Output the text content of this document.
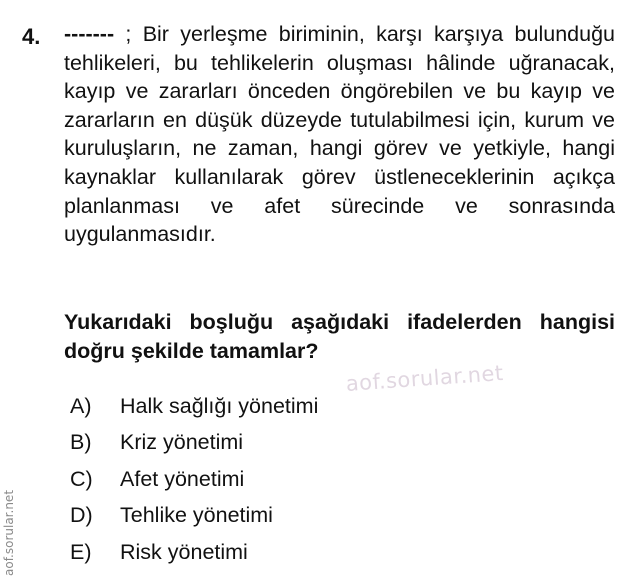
4. ------- ; Bir yerleşme biriminin, karşı karşıya bulunduğu tehlikeleri, bu tehlikelerin oluşması hâlinde uğranacak, kayıp ve zararları önceden öngörebilen ve bu kayıp ve zararların en düşük düzeyde tutulabilmesi için, kurum ve kuruluşların, ne zaman, hangi görev ve yetkiyle, hangi kaynaklar kullanılarak görev üstleneceklerinin açıkça planlanması ve afet sürecinde ve sonrasında uygulanmasıdır.

Yukarıdaki boşluğu aşağıdaki ifadelerden hangisi doğru şekilde tamamlar?

A)	Halk sağlığı yönetimi
B)	Kriz yönetimi
C)	Afet yönetimi
D)	Tehlike yönetimi
E)	Risk yönetimi
aof.sorular.net
aof.sorular.net
